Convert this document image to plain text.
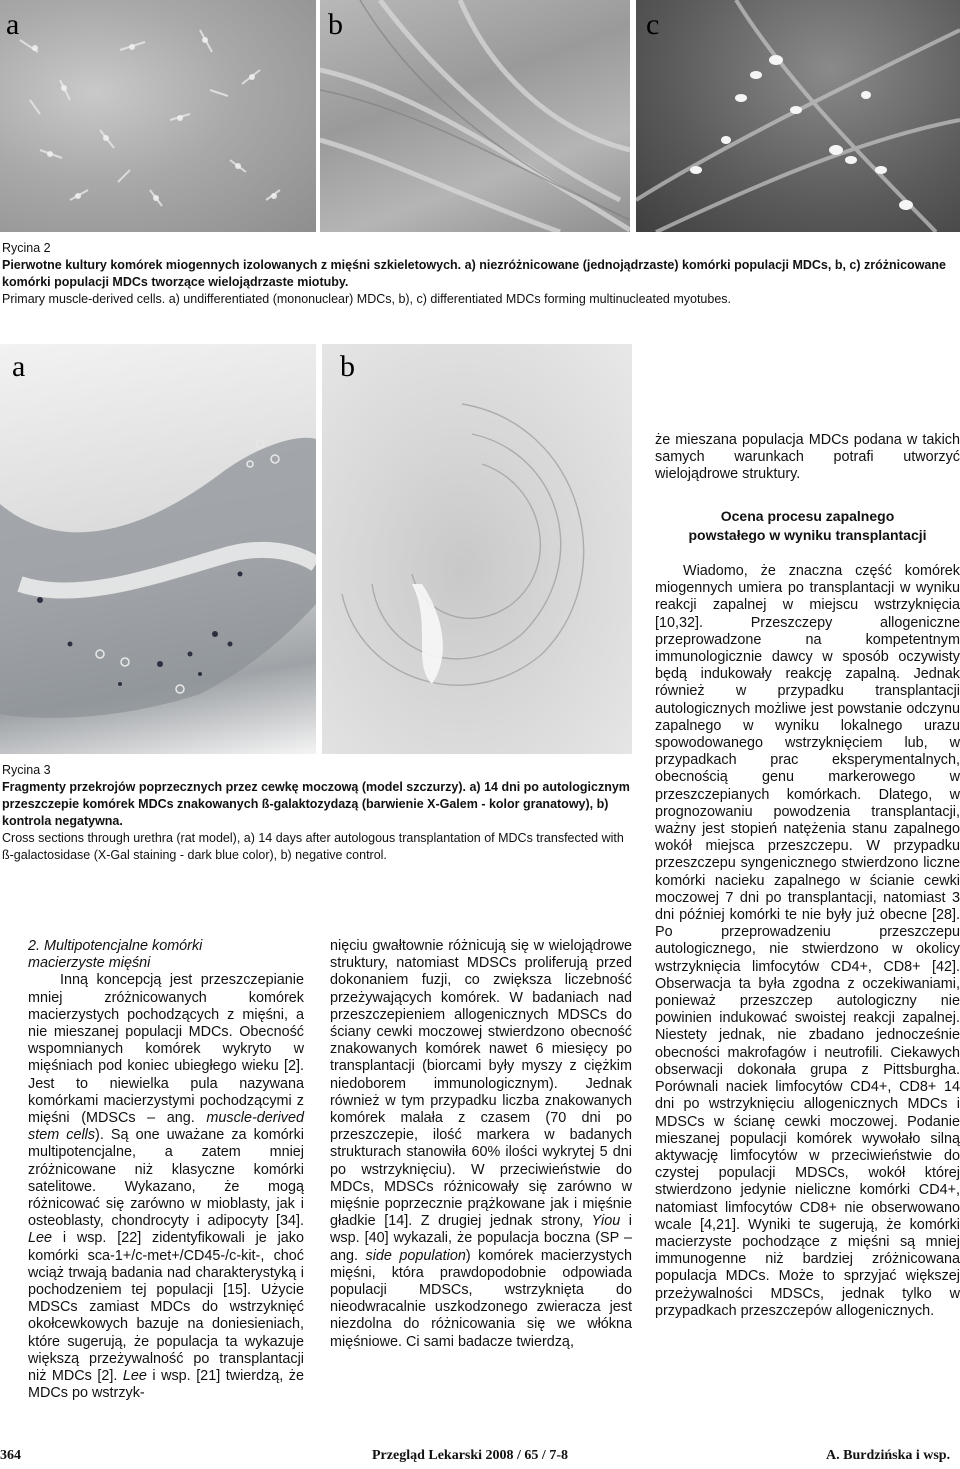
a	b	c
Rycina 2
Pierwotne kultury komórek miogennych izolowanych z mięśni szkieletowych. a) niezróżnicowane (jednojądrzaste) komórki populacji MDCs, b, c) zróżnicowane komórki populacji MDCs tworzące wielojądrzaste miotuby.
Primary muscle-derived cells. a) undifferentiated (mononuclear) MDCs, b), c) differentiated MDCs forming multinucleated myotubes.
a	b
Rycina 3
Fragmenty przekrojów poprzecznych przez cewkę moczową (model szczurzy). a) 14 dni po autologicznym przeszczepie komórek MDCs znakowanych ß-galaktozydazą (barwienie X-Galem - kolor granatowy), b) kontrola negatywna.
Cross sections through urethra (rat model), a) 14 days after autologous transplantation of MDCs transfected with ß-galactosidase (X-Gal staining - dark blue color), b) negative control.
że mieszana populacja MDCs podana w takich samych warunkach potrafi utworzyć wielojądrowe struktury.
Ocena procesu zapalnego
powstałego w wyniku transplantacji
Wiadomo, że znaczna część komórek miogennych umiera po transplantacji w wyniku reakcji zapalnej w miejscu wstrzyknięcia [10,32]. Przeszczepy allogeniczne przeprowadzone na kompetentnym immunologicznie dawcy w sposób oczywisty będą indukowały reakcję zapalną. Jednak również w przypadku transplantacji autologicznych możliwe jest powstanie odczynu zapalnego w wyniku lokalnego urazu spowodowanego wstrzyknięciem lub, w przypadkach prac eksperymentalnych, obecnością genu markerowego w przeszczepianych komórkach. Dlatego, w prognozowaniu powodzenia transplantacji, ważny jest stopień natężenia stanu zapalnego wokół miejsca przeszczepu. W przypadku przeszczepu syngenicznego stwierdzono liczne komórki nacieku zapalnego w ścianie cewki moczowej 7 dni po transplantacji, natomiast 3 dni później komórki te nie były już obecne [28]. Po przeprowadzeniu przeszczepu autologicznego, nie stwierdzono w okolicy wstrzyknięcia limfocytów CD4+, CD8+ [42]. Obserwacja ta była zgodna z oczekiwaniami, ponieważ przeszczep autologiczny nie powinien indukować swoistej reakcji zapalnej. Niestety jednak, nie zbadano jednocześnie obecności makrofagów i neutrofili. Ciekawych obserwacji dokonała grupa z Pittsburgha. Porównali naciek limfocytów CD4+, CD8+ 14 dni po wstrzyknięciu allogenicznych MDCs i MDSCs w ścianę cewki moczowej. Podanie mieszanej populacji komórek wywołało silną aktywację limfocytów w przeciwieństwie do czystej populacji MDSCs, wokół której stwierdzono jedynie nieliczne komórki CD4+, natomiast limfocytów CD8+ nie obserwowano wcale [4,21]. Wyniki te sugerują, że komórki macierzyste pochodzące z mięśni są mniej immunogenne niż bardziej zróżnicowana populacja MDCs. Może to sprzyjać większej przeżywalności MDSCs, jednak tylko w przypadkach przeszczepów allogenicznych.
2. Multipotencjalne komórki
macierzyste mięśni

Inną koncepcją jest przeszczepianie mniej zróżnicowanych komórek macierzystych pochodzących z mięśni, a nie mieszanej populacji MDCs. Obecność wspomnianych komórek wykryto w mięśniach pod koniec ubiegłego wieku [2]. Jest to niewielka pula nazywana komórkami macierzystymi pochodzącymi z mięśni (MDSCs – ang. muscle-derived stem cells). Są one uważane za komórki multipotencjalne, a zatem mniej zróżnicowane niż klasyczne komórki satelitowe. Wykazano, że mogą różnicować się zarówno w mioblasty, jak i osteoblasty, chondrocyty i adipocyty [34]. Lee i wsp. [22] zidentyfikowali je jako komórki sca-1+/c-met+/CD45-/c-kit-, choć wciąż trwają badania nad charakterystyką i pochodzeniem tej populacji [15]. Użycie MDSCs zamiast MDCs do wstrzyknięć okołcewkowych bazuje na doniesieniach, które sugerują, że populacja ta wykazuje większą przeżywalność po transplantacji niż MDCs [2]. Lee i wsp. [21] twierdzą, że MDCs po wstrzyk-

nięciu gwałtownie różnicują się w wielojądrowe struktury, natomiast MDSCs proliferują przed dokonaniem fuzji, co zwiększa liczebność przeżywających komórek. W badaniach nad przeszczepieniem allogenicznych MDSCs do ściany cewki moczowej stwierdzono obecność znakowanych komórek nawet 6 miesięcy po transplantacji (biorcami były myszy z ciężkim niedoborem immunologicznym). Jednak również w tym przypadku liczba znakowanych komórek malała z czasem (70 dni po przeszczepie, ilość markera w badanych strukturach stanowiła 60% ilości wykrytej 5 dni po wstrzyknięciu). W przeciwieństwie do MDCs, MDSCs różnicowały się zarówno w mięśnie poprzecznie prążkowane jak i mięśnie gładkie [14]. Z drugiej jednak strony, Yiou i wsp. [40] wykazali, że populacja boczna (SP – ang. side population) komórek macierzystych mięśni, która prawdopodobnie odpowiada populacji MDSCs, wstrzyknięta do nieodwracalnie uszkodzonego zwieracza jest niezdolna do różnicowania się we włókna mięśniowe. Ci sami badacze twierdzą,

364	Przegląd Lekarski 2008 / 65 / 7-8	A. Burdzińska i wsp.
